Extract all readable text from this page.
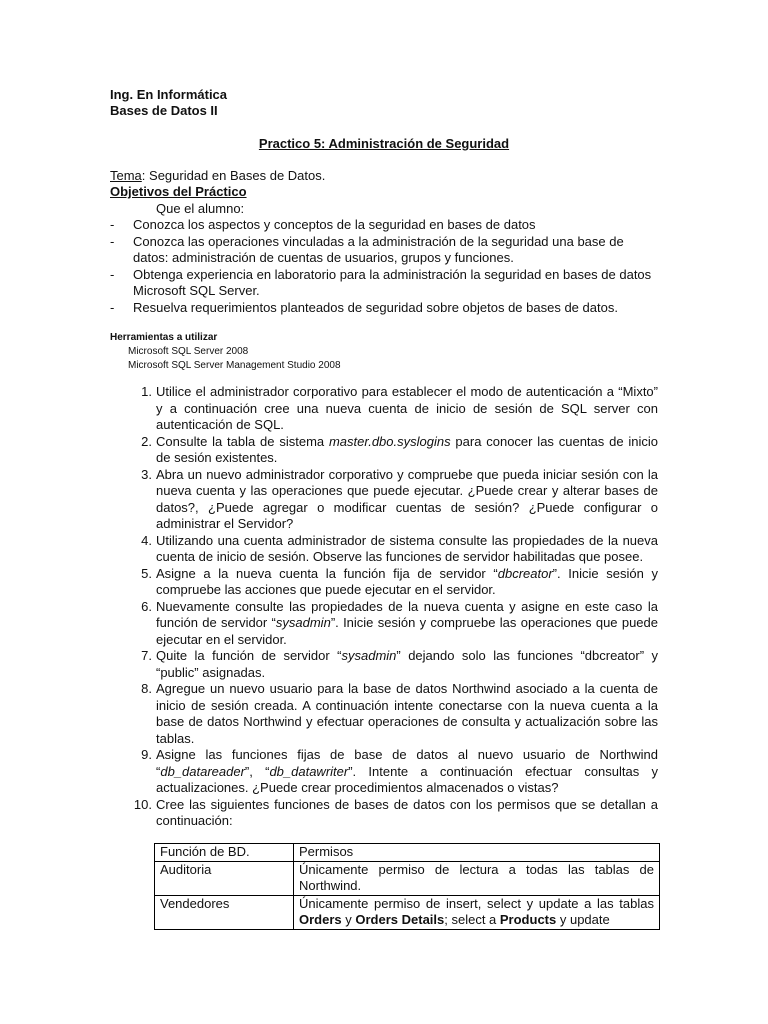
Ing. En Informática
Bases de Datos II
Practico 5: Administración de Seguridad
Tema: Seguridad en Bases de Datos.
Objetivos del Práctico
Que el alumno:
- Conozca los aspectos y conceptos de la seguridad en bases de datos
- Conozca las operaciones vinculadas a la administración de la seguridad una base de datos: administración de cuentas de usuarios, grupos y funciones.
- Obtenga experiencia en laboratorio para la administración la seguridad en bases de datos Microsoft SQL Server.
- Resuelva requerimientos planteados de seguridad sobre objetos de bases de datos.
Herramientas a utilizar
Microsoft SQL Server 2008
Microsoft SQL Server Management Studio 2008
1. Utilice el administrador corporativo para establecer el modo de autenticación a “Mixto” y a continuación cree una nueva cuenta de inicio de sesión de SQL server con autenticación de SQL.
2. Consulte la tabla de sistema master.dbo.syslogins para conocer las cuentas de inicio de sesión existentes.
3. Abra un nuevo administrador corporativo y compruebe que pueda iniciar sesión con la nueva cuenta y las operaciones que puede ejecutar. ¿Puede crear y alterar bases de datos?, ¿Puede agregar o modificar cuentas de sesión? ¿Puede configurar o administrar el Servidor?
4. Utilizando una cuenta administrador de sistema consulte las propiedades de la nueva cuenta de inicio de sesión. Observe las funciones de servidor habilitadas que posee.
5. Asigne a la nueva cuenta la función fija de servidor “dbcreator”. Inicie sesión y compruebe las acciones que puede ejecutar en el servidor.
6. Nuevamente consulte las propiedades de la nueva cuenta y asigne en este caso la función de servidor “sysadmin”. Inicie sesión y compruebe las operaciones que puede ejecutar en el servidor.
7. Quite la función de servidor “sysadmin” dejando solo las funciones “dbcreator” y “public” asignadas.
8. Agregue un nuevo usuario para la base de datos Northwind asociado a la cuenta de inicio de sesión creada. A continuación intente conectarse con la nueva cuenta a la base de datos Northwind y efectuar operaciones de consulta y actualización sobre las tablas.
9. Asigne las funciones fijas de base de datos al nuevo usuario de Northwind “db_datareader”, “db_datawriter”. Intente a continuación efectuar consultas y actualizaciones. ¿Puede crear procedimientos almacenados o vistas?
10. Cree las siguientes funciones de bases de datos con los permisos que se detallan a continuación:
Función de BD.	Permisos
Auditoria	Únicamente permiso de lectura a todas las tablas de Northwind.
Vendedores	Únicamente permiso de insert, select y update a las tablas Orders y Orders Details; select a Products y update
